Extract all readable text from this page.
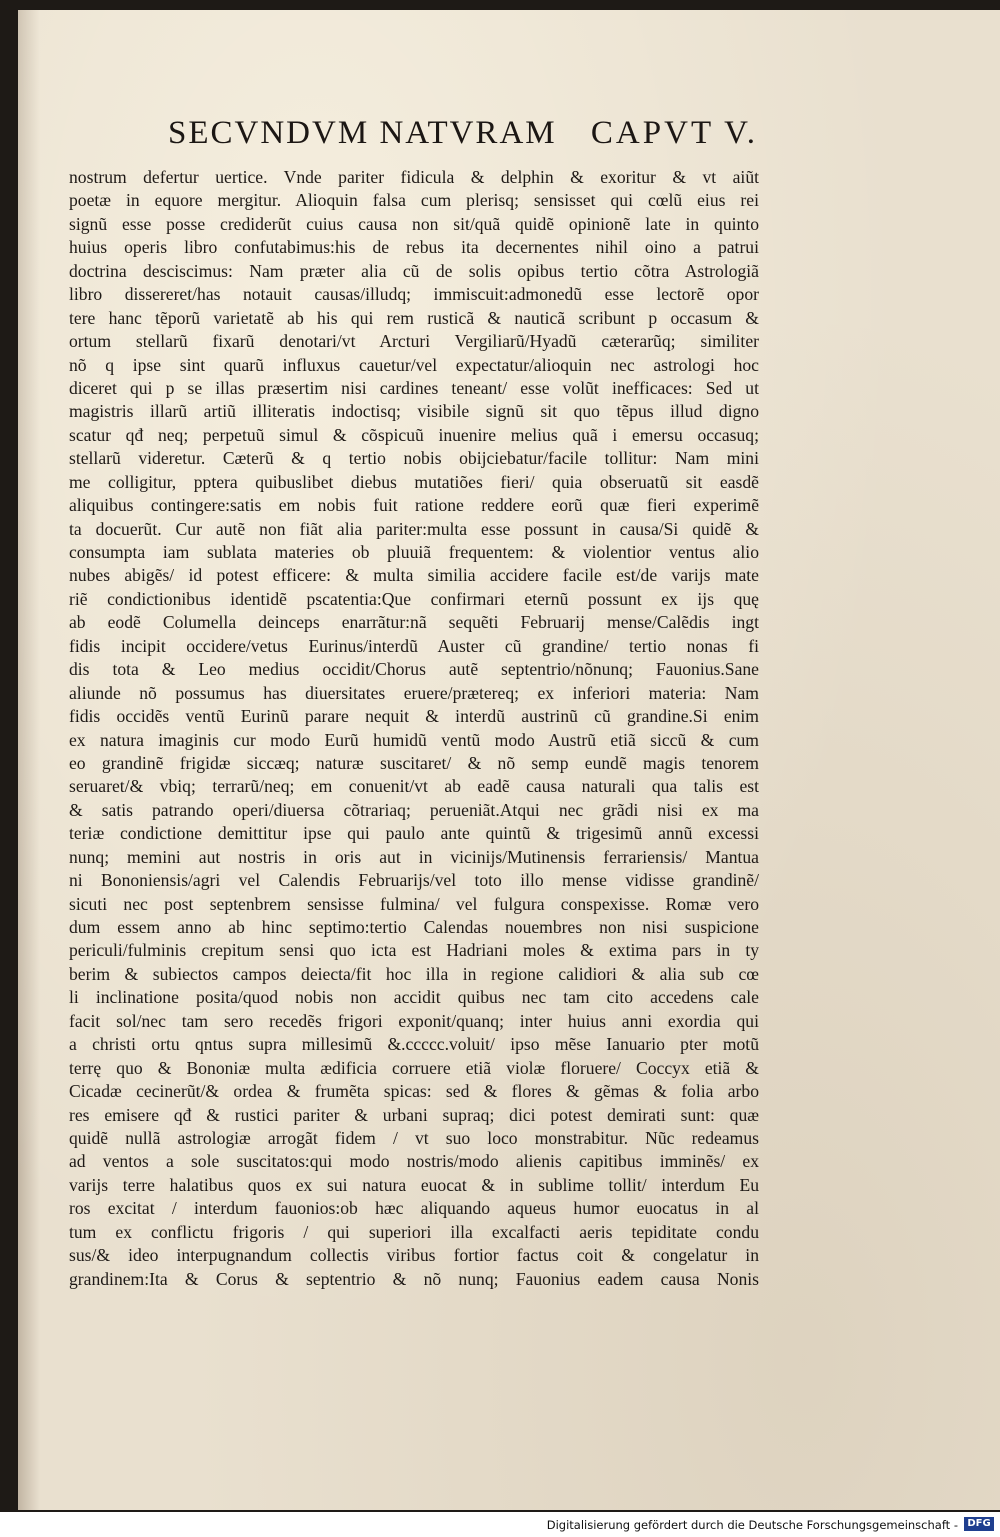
SECVNDVM NATVRAM CAPVT V.
nostrum defertur uertice. Vnde pariter fidicula & delphin & exoritur & vt aiũt
poetæ in equore mergitur. Alioquin falsa cum plerisq; sensisset qui cœlũ eius rei
signũ esse posse crediderũt cuius causa non sit/quã quidẽ opinionẽ late in quinto
huius operis libro confutabimus:his de rebus ita decernentes nihil oino a patrui
doctrina desciscimus: Nam præter alia cũ de solis opibus tertio cõtra Astrologiã
libro dissereret/has notauit causas/illudq; immiscuit:admonedũ esse lectorẽ opor
tere hanc tẽporũ varietatẽ ab his qui rem rusticã & nauticã scribunt p occasum &
ortum stellarũ fixarũ denotari/vt Arcturi Vergiliarũ/Hyadũ cæterarũq; similiter
nõ q ipse sint quarũ influxus cauetur/vel expectatur/alioquin nec astrologi hoc
diceret qui p se illas præsertim nisi cardines teneant/ esse volũt inefficaces: Sed ut
magistris illarũ artiũ illiteratis indoctisq; visibile signũ sit quo tẽpus illud digno
scatur qđ neq; perpetuũ simul & cõspicuũ inuenire melius quã i emersu occasuq;
stellarũ videretur. Cæterũ & q tertio nobis obijciebatur/facile tollitur: Nam mini
me colligitur, pptera quibuslibet diebus mutatiões fieri/ quia obseruatũ sit easdẽ
aliquibus contingere:satis em nobis fuit ratione reddere eorũ quæ fieri experimẽ
ta docuerũt. Cur autẽ non fiãt alia pariter:multa esse possunt in causa/Si quidẽ &
consumpta iam sublata materies ob pluuiã frequentem: & violentior ventus alio
nubes abigẽs/ id potest efficere: & multa similia accidere facile est/de varijs mate
riẽ condictionibus identidẽ pscatentia:Que confirmari eternũ possunt ex ijs quę
ab eodẽ Columella deinceps enarrãtur:nã sequẽti Februarij mense/Calẽdis ingt
fidis incipit occidere/vetus Eurinus/interdũ Auster cũ grandine/ tertio nonas fi
dis tota & Leo medius occidit/Chorus autẽ septentrio/nõnunq; Fauonius.Sane
aliunde nõ possumus has diuersitates eruere/prætereq; ex inferiori materia: Nam
fidis occidẽs ventũ Eurinũ parare nequit & interdũ austrinũ cũ grandine.Si enim
ex natura imaginis cur modo Eurũ humidũ ventũ modo Austrũ etiã siccũ & cum
eo grandinẽ frigidæ siccæq; naturæ suscitaret/ & nõ semp eundẽ magis tenorem
seruaret/& vbiq; terrarũ/neq; em conuenit/vt ab eadẽ causa naturali qua talis est
& satis patrando operi/diuersa cõtrariaq; perueniãt.Atqui nec grãdi nisi ex ma
teriæ condictione demittitur ipse qui paulo ante quintũ & trigesimũ annũ excessi
nunq; memini aut nostris in oris aut in vicinijs/Mutinensis ferrariensis/ Mantua
ni Bononiensis/agri vel Calendis Februarijs/vel toto illo mense vidisse grandinẽ/
sicuti nec post septenbrem sensisse fulmina/ vel fulgura conspexisse. Romæ vero
dum essem anno ab hinc septimo:tertio Calendas nouembres non nisi suspicione
periculi/fulminis crepitum sensi quo icta est Hadriani moles & extima pars in ty
berim & subiectos campos deiecta/fit hoc illa in regione calidiori & alia sub cœ
li inclinatione posita/quod nobis non accidit quibus nec tam cito accedens cale
facit sol/nec tam sero recedẽs frigori exponit/quanq; inter huius anni exordia qui
a christi ortu qntus supra millesimũ &.ccccc.voluit/ ipso mẽse Ianuario pter motũ
terrę quo & Bononiæ multa ædificia corruere etiã violæ floruere/ Coccyx etiã &
Cicadæ cecinerũt/& ordea & frumẽta spicas: sed & flores & gẽmas & folia arbo
res emisere qđ & rustici pariter & urbani supraq; dici potest demirati sunt: quæ
quidẽ nullã astrologiæ arrogãt fidem / vt suo loco monstrabitur. Nũc redeamus
ad ventos a sole suscitatos:qui modo nostris/modo alienis capitibus imminẽs/ ex
varijs terre halatibus quos ex sui natura euocat & in sublime tollit/ interdum Eu
ros excitat / interdum fauonios:ob hæc aliquando aqueus humor euocatus in al
tum ex conflictu frigoris / qui superiori illa excalfacti aeris tepiditate condu
sus/& ideo interpugnandum collectis viribus fortior factus coit & congelatur in
grandinem:Ita & Corus & septentrio & nõ nunq; Fauonius eadem causa Nonis
Digitalisierung gefördert durch die Deutsche Forschungsgemeinschaft - DFG
